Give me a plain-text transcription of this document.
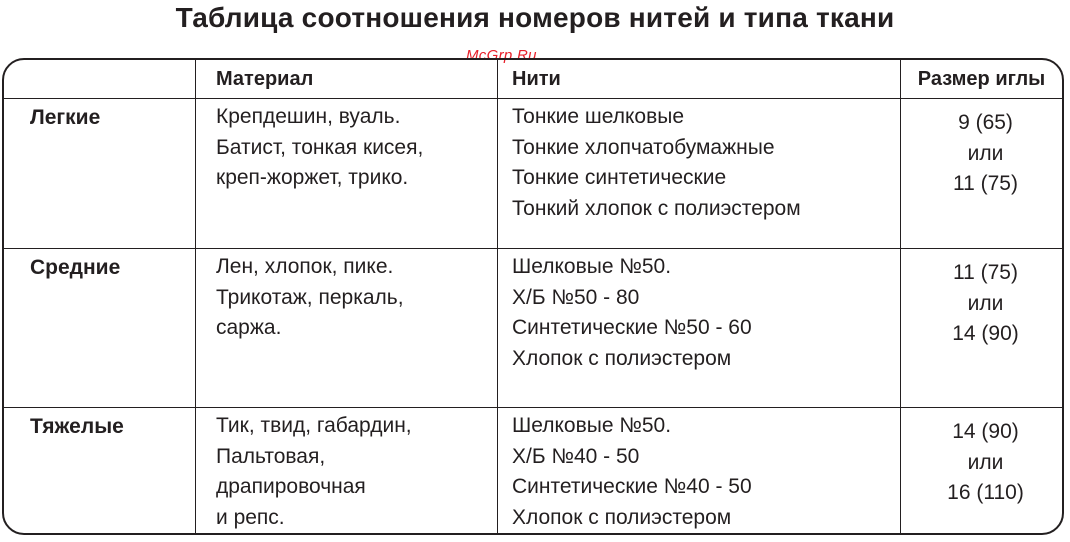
Таблица соотношения номеров нитей и типа ткани
McGrp.Ru
	Материал	Нити	Размер иглы
Легкие	Крепдешин, вуаль.
Батист, тонкая кисея,
креп-жоржет, трико.	Тонкие шелковые
Тонкие хлопчатобумажные
Тонкие синтетические
Тонкий хлопок с полиэстером	9 (65)
или
11 (75)

Средние	Лен, хлопок, пике.
Трикотаж, перкаль,
саржа.	Шелковые №50.
Х/Б №50 - 80
Синтетические №50 - 60
Хлопок с полиэстером	11 (75)
или
14 (90)

Тяжелые	Тик, твид, габардин,
Пальтовая,
драпировочная
и репс.	Шелковые №50.
Х/Б №40 - 50
Синтетические №40 - 50
Хлопок с полиэстером	14 (90)
или
16 (110)
